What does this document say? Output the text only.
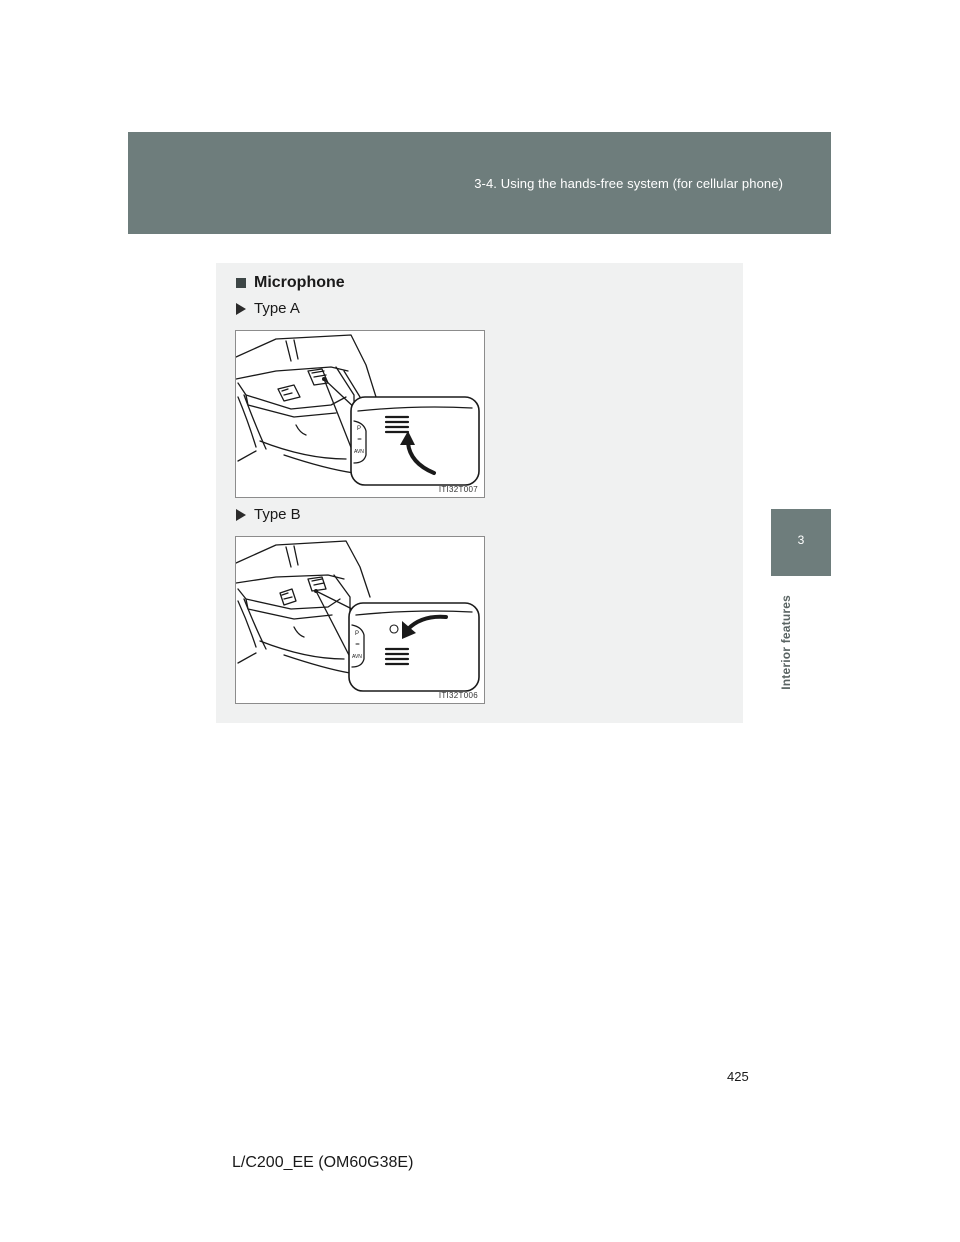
3-4. Using the hands-free system (for cellular phone)
3
Interior features
Microphone
Type A
P
≃
AVN
ITI32T007
Type B
P
≃
AVN
ITI32T006
425
L/C200_EE (OM60G38E)
